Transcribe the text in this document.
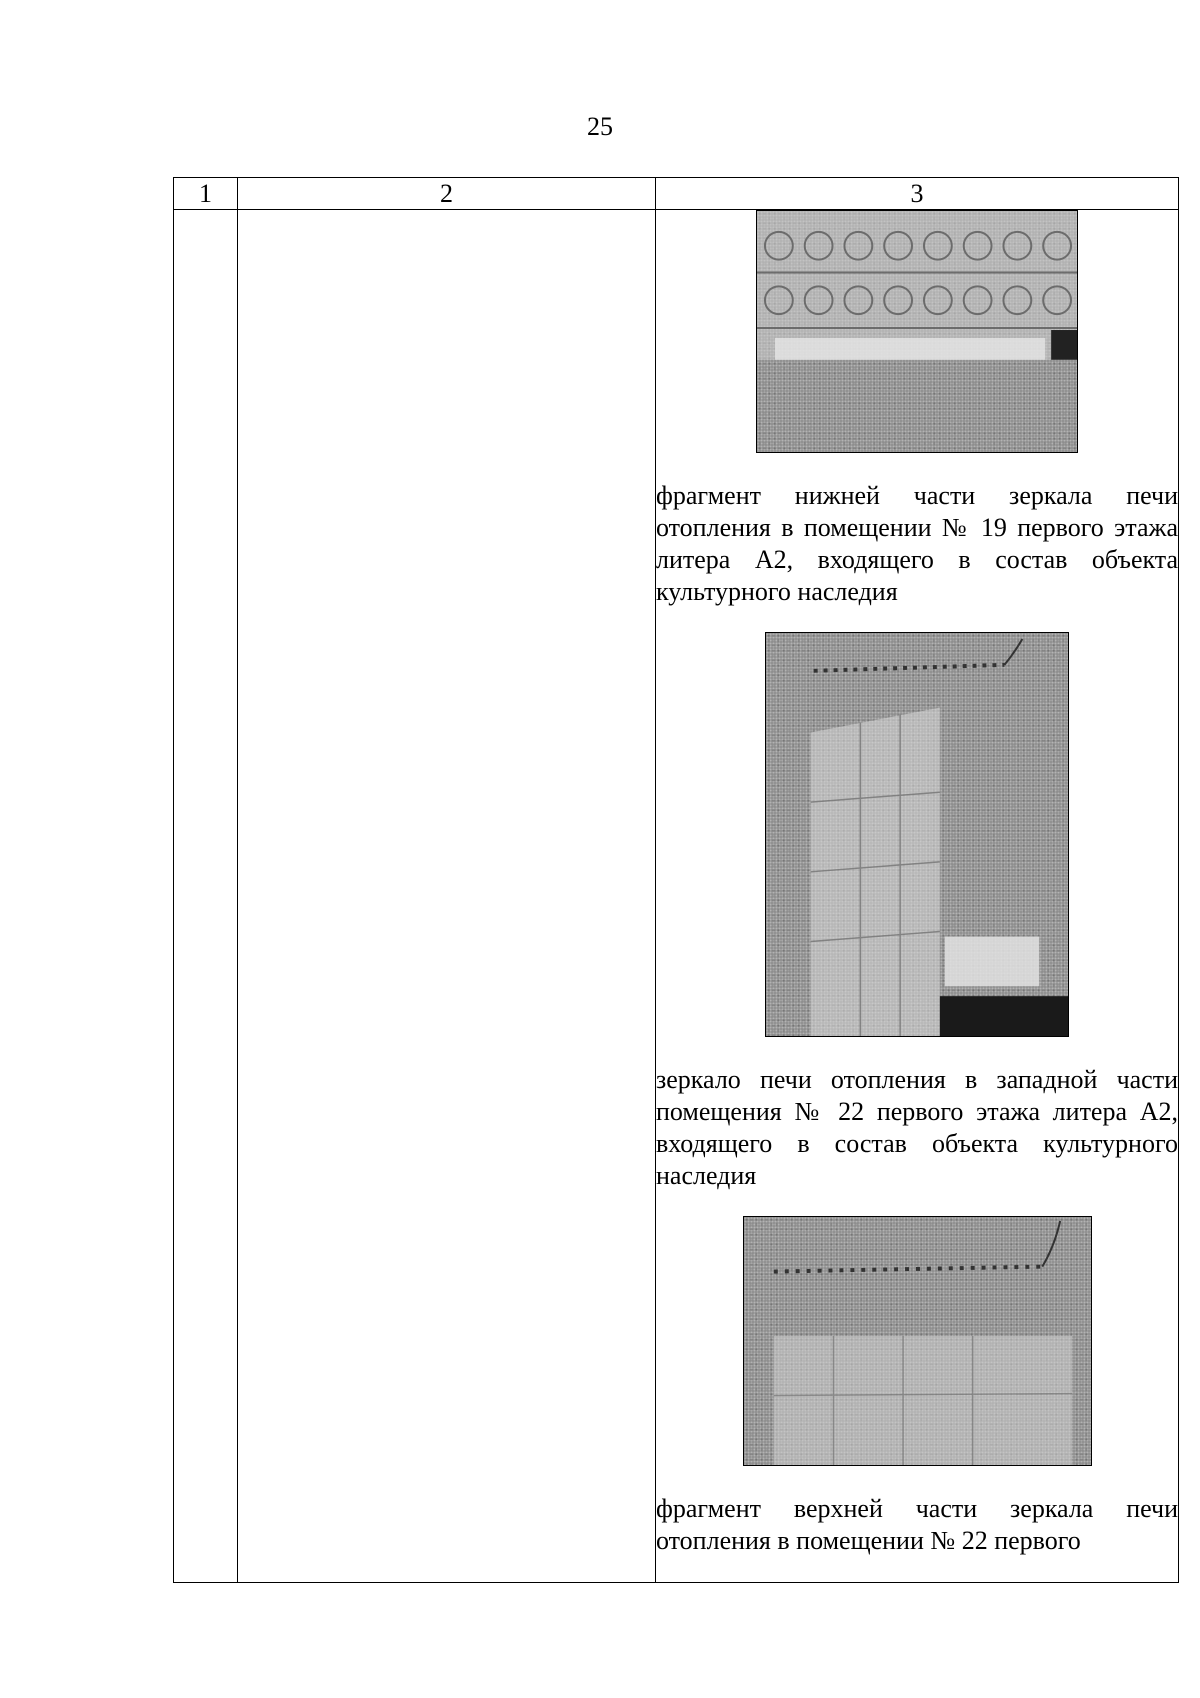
25
1	2	3

		фрагмент нижней части зеркала печи отопления в помещении № 19 первого этажа литера А2, входящего в состав объекта культурного наследия

зеркало печи отопления в западной части помещения № 22 первого этажа литера А2, входящего в состав объекта культурного наследия

фрагмент верхней части зеркала печи отопления в помещении № 22 первого
